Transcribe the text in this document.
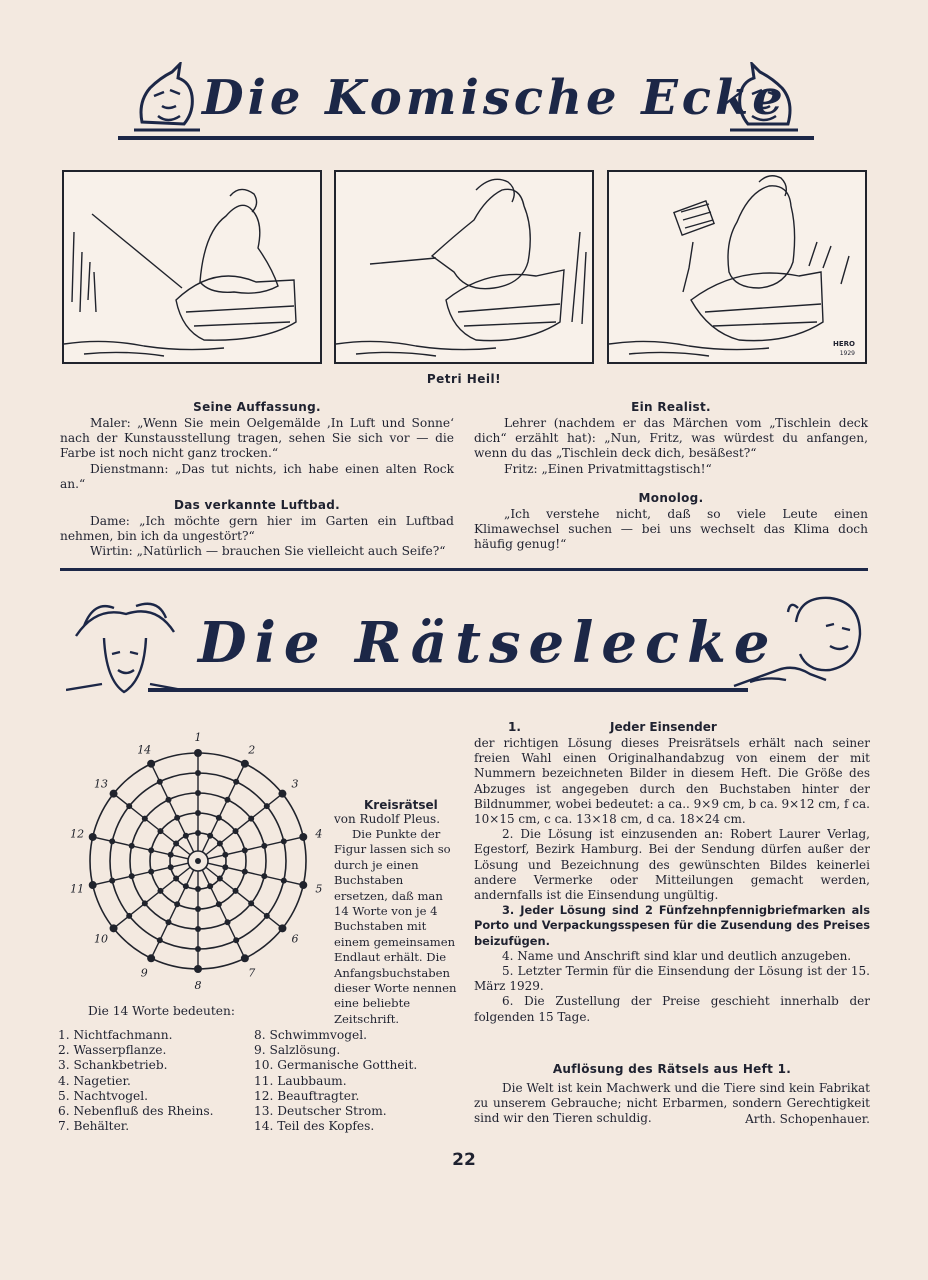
Die Komische Ecke
HERO
1929
Petri Heil!
Seine Auffassung.

Maler: „Wenn Sie mein Oelgemälde ‚In Luft und Sonne‘ nach der Kunstausstellung tragen, sehen Sie sich vor — die Farbe ist noch nicht ganz trocken.“

Dienstmann: „Das tut nichts, ich habe einen alten Rock an.“

Das verkannte Luftbad.

Dame: „Ich möchte gern hier im Garten ein Luftbad nehmen, bin ich da ungestört?“

Wirtin: „Natürlich — brauchen Sie vielleicht auch Seife?“

Ein Realist.

Lehrer (nachdem er das Märchen vom „Tischlein deck dich“ erzählt hat): „Nun, Fritz, was würdest du anfangen, wenn du das „Tischlein deck dich, besäßest?“

Fritz: „Einen Privatmittagstisch!“

Monolog.

„Ich verstehe nicht, daß so viele Leute einen Klimawechsel suchen — bei uns wechselt das Klima doch häufig genug!“

Die Rätselecke
1
2
3
4
5
6
7
8
9
10
11
12
13
14
Kreisrätsel
von Rudolf Pleus.
Die Punkte der Figur lassen sich so durch je einen Buchstaben ersetzen, daß man 14 Worte von je 4 Buchstaben mit einem gemeinsamen Endlaut erhält. Die Anfangsbuchstaben dieser Worte nennen eine beliebte Zeitschrift.
Die 14 Worte bedeuten:
1. Nichtfachmann.
2. Wasserpflanze.
3. Schankbetrieb.
4. Nagetier.
5. Nachtvogel.
6. Nebenfluß des Rheins.
7. Behälter.
8. Schwimmvogel.
9. Salzlösung.
10. Germanische Gottheit.
11. Laubbaum.
12. Beauftragter.
13. Deutscher Strom.
14. Teil des Kopfes.
1.	Jeder Einsender

der richtigen Lösung dieses Preisrätsels erhält nach seiner freien Wahl einen Originalhandabzug von einem der mit Nummern bezeichneten Bilder in diesem Heft. Die Größe des Abzuges ist angegeben durch den Buchstaben hinter der Bildnummer, wobei bedeutet: a ca.. 9×9 cm, b ca. 9×12 cm, f ca. 10×15 cm, c ca. 13×18 cm, d ca. 18×24 cm.

2. Die Lösung ist einzusenden an: Robert Laurer Verlag, Egestorf, Bezirk Hamburg. Bei der Sendung dürfen außer der Lösung und Bezeichnung des gewünschten Bildes keinerlei andere Vermerke oder Mitteilungen gemacht werden, andernfalls ist die Einsendung ungültig.

3. Jeder Lösung sind 2 Fünfzehnpfennigbriefmarken als Porto und Verpackungsspesen für die Zusendung des Preises beizufügen.

4. Name und Anschrift sind klar und deutlich anzugeben.

5. Letzter Termin für die Einsendung der Lösung ist der 15. März 1929.

6. Die Zustellung der Preise geschieht innerhalb der folgenden 15 Tage.

Auflösung des Rätsels aus Heft 1.

Die Welt ist kein Machwerk und die Tiere sind kein Fabrikat zu unserem Gebrauche; nicht Erbarmen, sondern Gerechtigkeit sind wir den Tieren schuldig.	Arth. Schopenhauer.
22
